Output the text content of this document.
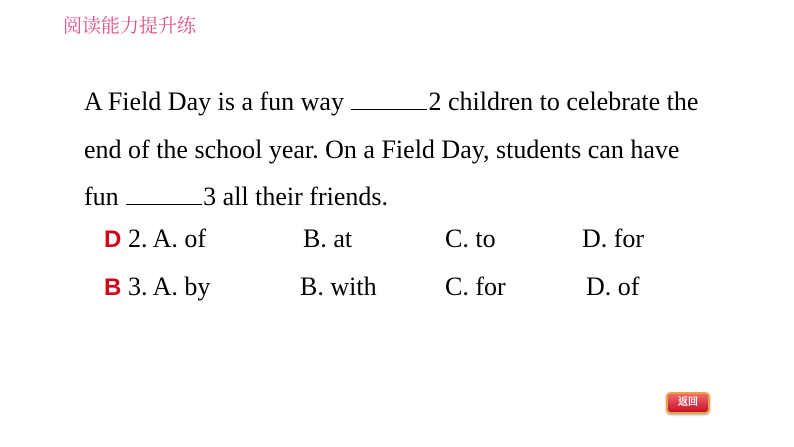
阅读能力提升练

A Field Day is a fun way	2 children to celebrate the

end of the school year. On a Field Day, students can have

fun	3 all their friends.

D 2. A. of	B. at	C. to	D. for
B 3. A. by	B. with	C. for	D. of
返回
